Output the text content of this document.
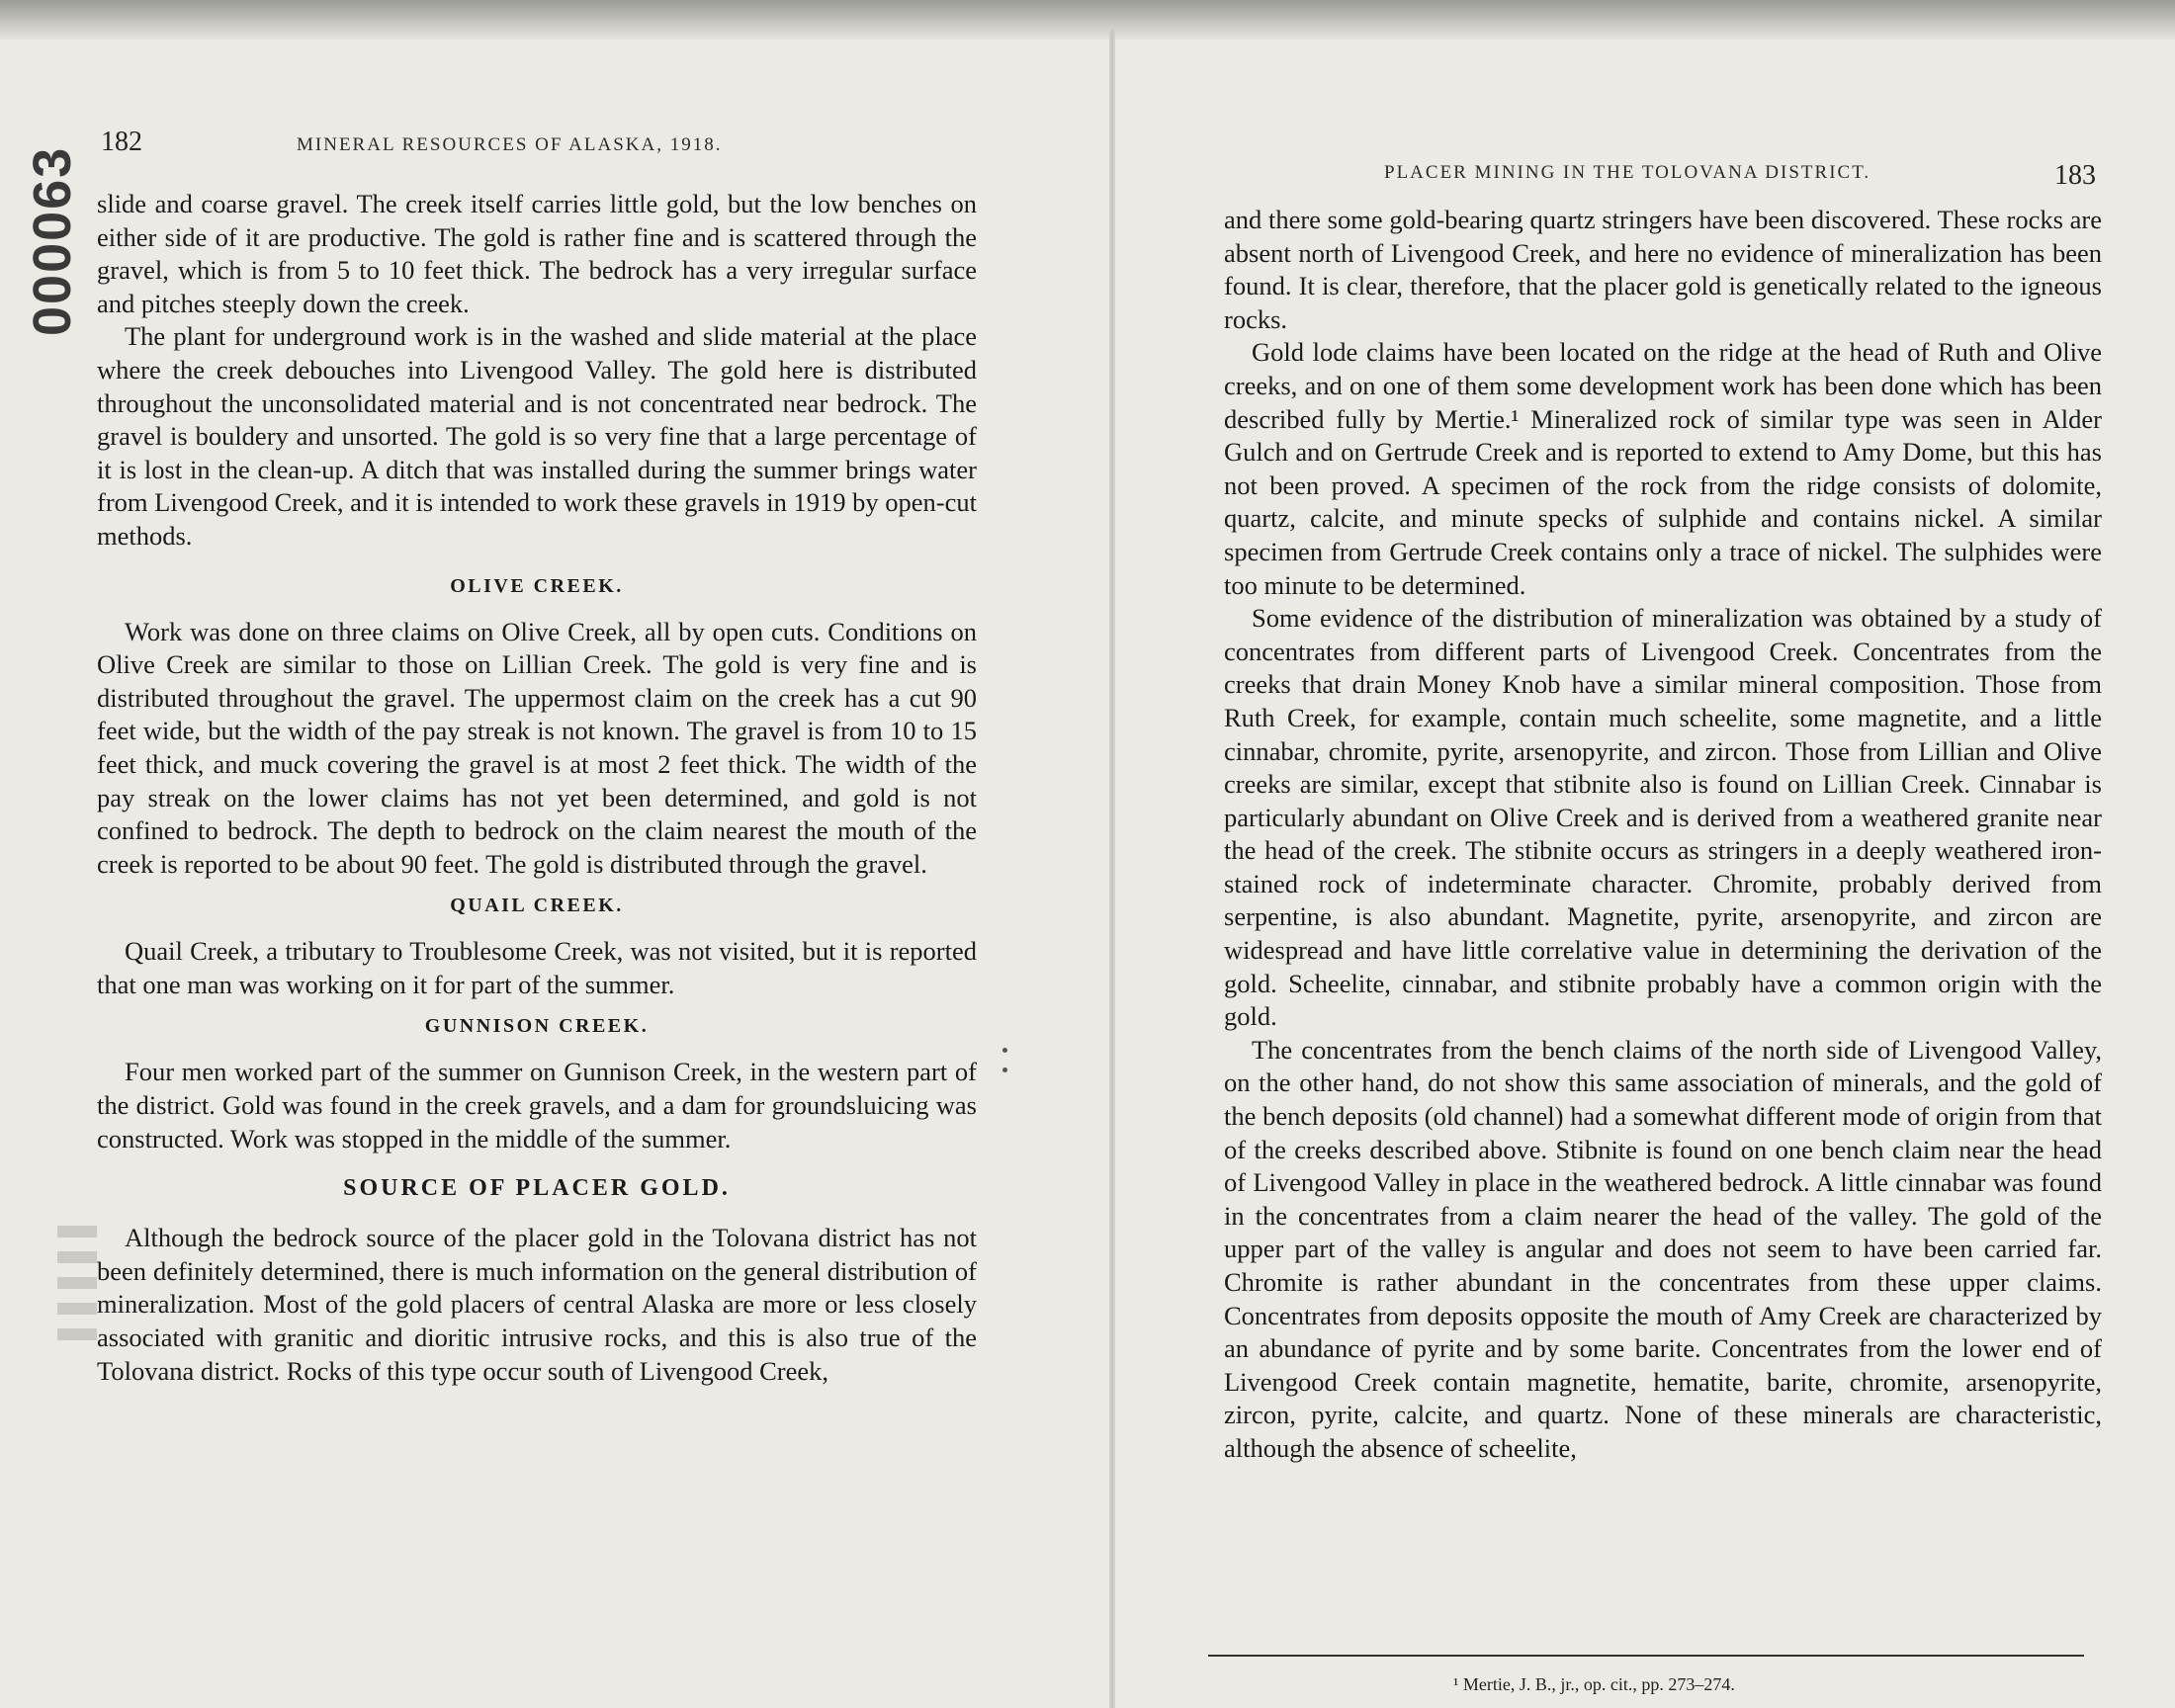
000063
182	MINERAL RESOURCES OF ALASKA, 1918.

slide and coarse gravel. The creek itself carries little gold, but the low benches on either side of it are productive. The gold is rather fine and is scattered through the gravel, which is from 5 to 10 feet thick. The bedrock has a very irregular surface and pitches steeply down the creek.

The plant for underground work is in the washed and slide material at the place where the creek debouches into Livengood Valley. The gold here is distributed throughout the unconsolidated material and is not concentrated near bedrock. The gravel is bouldery and unsorted. The gold is so very fine that a large percentage of it is lost in the clean-up. A ditch that was installed during the summer brings water from Livengood Creek, and it is intended to work these gravels in 1919 by open-cut methods.

OLIVE CREEK.

Work was done on three claims on Olive Creek, all by open cuts. Conditions on Olive Creek are similar to those on Lillian Creek. The gold is very fine and is distributed throughout the gravel. The uppermost claim on the creek has a cut 90 feet wide, but the width of the pay streak is not known. The gravel is from 10 to 15 feet thick, and muck covering the gravel is at most 2 feet thick. The width of the pay streak on the lower claims has not yet been determined, and gold is not confined to bedrock. The depth to bedrock on the claim nearest the mouth of the creek is reported to be about 90 feet. The gold is distributed through the gravel.

QUAIL CREEK.

Quail Creek, a tributary to Troublesome Creek, was not visited, but it is reported that one man was working on it for part of the summer.

GUNNISON CREEK.

Four men worked part of the summer on Gunnison Creek, in the western part of the district. Gold was found in the creek gravels, and a dam for groundsluicing was constructed. Work was stopped in the middle of the summer.

SOURCE OF PLACER GOLD.

Although the bedrock source of the placer gold in the Tolovana district has not been definitely determined, there is much information on the general distribution of mineralization. Most of the gold placers of central Alaska are more or less closely associated with granitic and dioritic intrusive rocks, and this is also true of the Tolovana district. Rocks of this type occur south of Livengood Creek,

PLACER MINING IN THE TOLOVANA DISTRICT.	183

and there some gold-bearing quartz stringers have been discovered. These rocks are absent north of Livengood Creek, and here no evidence of mineralization has been found. It is clear, therefore, that the placer gold is genetically related to the igneous rocks.

Gold lode claims have been located on the ridge at the head of Ruth and Olive creeks, and on one of them some development work has been done which has been described fully by Mertie.¹ Mineralized rock of similar type was seen in Alder Gulch and on Gertrude Creek and is reported to extend to Amy Dome, but this has not been proved. A specimen of the rock from the ridge consists of dolomite, quartz, calcite, and minute specks of sulphide and contains nickel. A similar specimen from Gertrude Creek contains only a trace of nickel. The sulphides were too minute to be determined.

Some evidence of the distribution of mineralization was obtained by a study of concentrates from different parts of Livengood Creek. Concentrates from the creeks that drain Money Knob have a similar mineral composition. Those from Ruth Creek, for example, contain much scheelite, some magnetite, and a little cinnabar, chromite, pyrite, arsenopyrite, and zircon. Those from Lillian and Olive creeks are similar, except that stibnite also is found on Lillian Creek. Cinnabar is particularly abundant on Olive Creek and is derived from a weathered granite near the head of the creek. The stibnite occurs as stringers in a deeply weathered iron-stained rock of indeterminate character. Chromite, probably derived from serpentine, is also abundant. Magnetite, pyrite, arsenopyrite, and zircon are widespread and have little correlative value in determining the derivation of the gold. Scheelite, cinnabar, and stibnite probably have a common origin with the gold.

The concentrates from the bench claims of the north side of Livengood Valley, on the other hand, do not show this same association of minerals, and the gold of the bench deposits (old channel) had a somewhat different mode of origin from that of the creeks described above. Stibnite is found on one bench claim near the head of Livengood Valley in place in the weathered bedrock. A little cinnabar was found in the concentrates from a claim nearer the head of the valley. The gold of the upper part of the valley is angular and does not seem to have been carried far. Chromite is rather abundant in the concentrates from these upper claims. Concentrates from deposits opposite the mouth of Amy Creek are characterized by an abundance of pyrite and by some barite. Concentrates from the lower end of Livengood Creek contain magnetite, hematite, barite, chromite, arsenopyrite, zircon, pyrite, calcite, and quartz. None of these minerals are characteristic, although the absence of scheelite,

¹ Mertie, J. B., jr., op. cit., pp. 273–274.
